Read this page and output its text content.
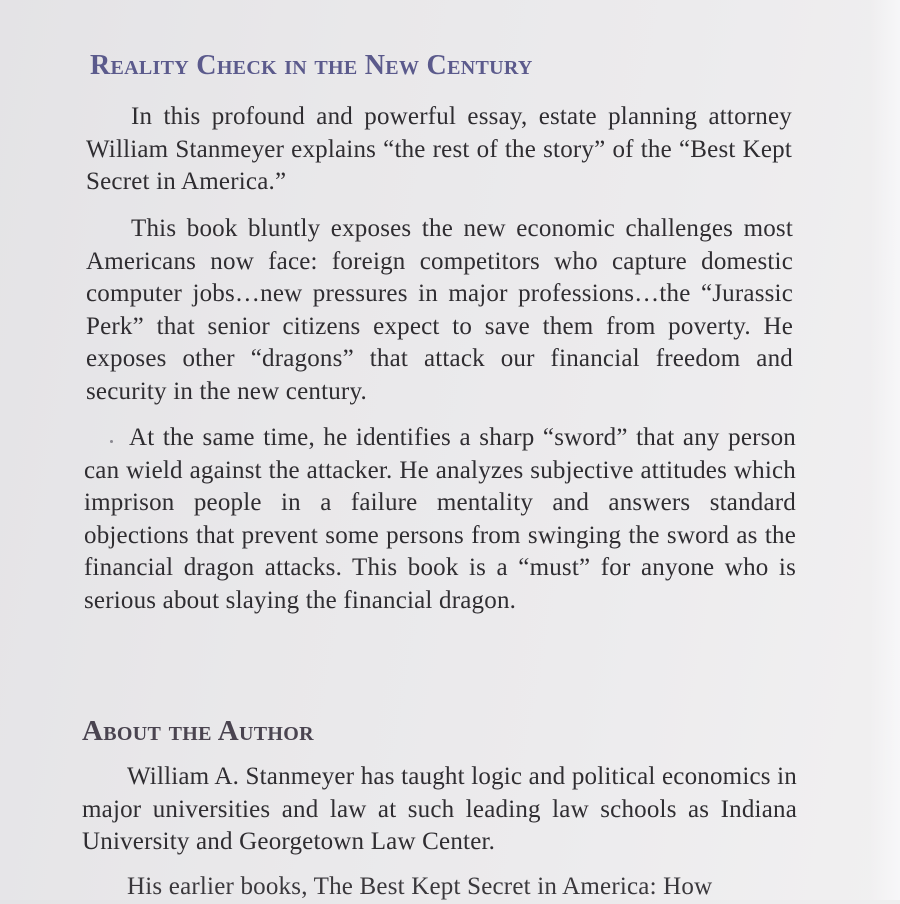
Reality Check in the New Century

In this profound and powerful essay, estate planning attorney William Stanmeyer explains “the rest of the story” of the “Best Kept Secret in America.”

This book bluntly exposes the new economic challenges most Americans now face: foreign competitors who capture domestic computer jobs…new pressures in major professions…the “Jurassic Perk” that senior citizens expect to save them from poverty. He exposes other “dragons” that attack our financial freedom and security in the new century.

At the same time, he identifies a sharp “sword” that any person can wield against the attacker. He analyzes subjective attitudes which imprison people in a failure mentality and answers standard objections that prevent some persons from swinging the sword as the financial dragon attacks. This book is a “must” for anyone who is serious about slaying the financial dragon.

About the Author

William A. Stanmeyer has taught logic and political economics in major universities and law at such leading law schools as Indiana University and Georgetown Law Center.

His earlier books, The Best Kept Secret in America: How
